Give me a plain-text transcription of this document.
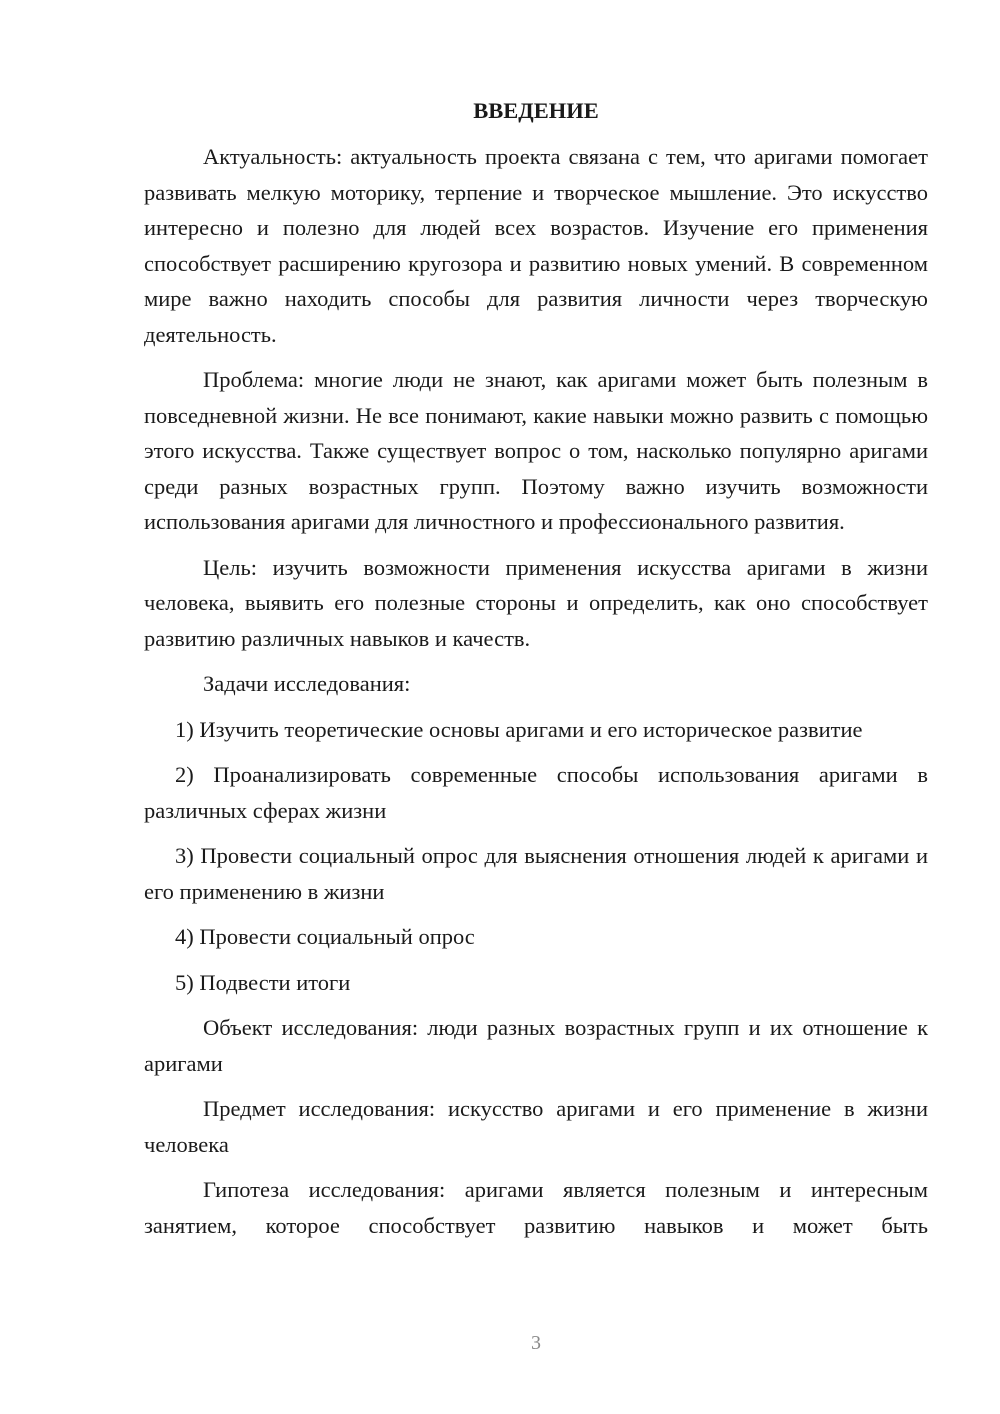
ВВЕДЕНИЕ
Актуальность: актуальность проекта связана с тем, что аригами помогает развивать мелкую моторику, терпение и творческое мышление. Это искусство интересно и полезно для людей всех возрастов. Изучение его применения способствует расширению кругозора и развитию новых умений. В современном мире важно находить способы для развития личности через творческую деятельность.
Проблема: многие люди не знают, как аригами может быть полезным в повседневной жизни. Не все понимают, какие навыки можно развить с помощью этого искусства. Также существует вопрос о том, насколько популярно аригами среди разных возрастных групп. Поэтому важно изучить возможности использования аригами для личностного и профессионального развития.
Цель: изучить возможности применения искусства аригами в жизни человека, выявить его полезные стороны и определить, как оно способствует развитию различных навыков и качеств.
Задачи исследования:
1) Изучить теоретические основы аригами и его историческое развитие
2) Проанализировать современные способы использования аригами в различных сферах жизни
3) Провести социальный опрос для выяснения отношения людей к аригами и его применению в жизни
4) Провести социальный опрос
5) Подвести итоги
Объект исследования: люди разных возрастных групп и их отношение к аригами
Предмет исследования: искусство аригами и его применение в жизни человека
Гипотеза исследования: аригами является полезным и интересным занятием, которое способствует развитию навыков и может быть
3
